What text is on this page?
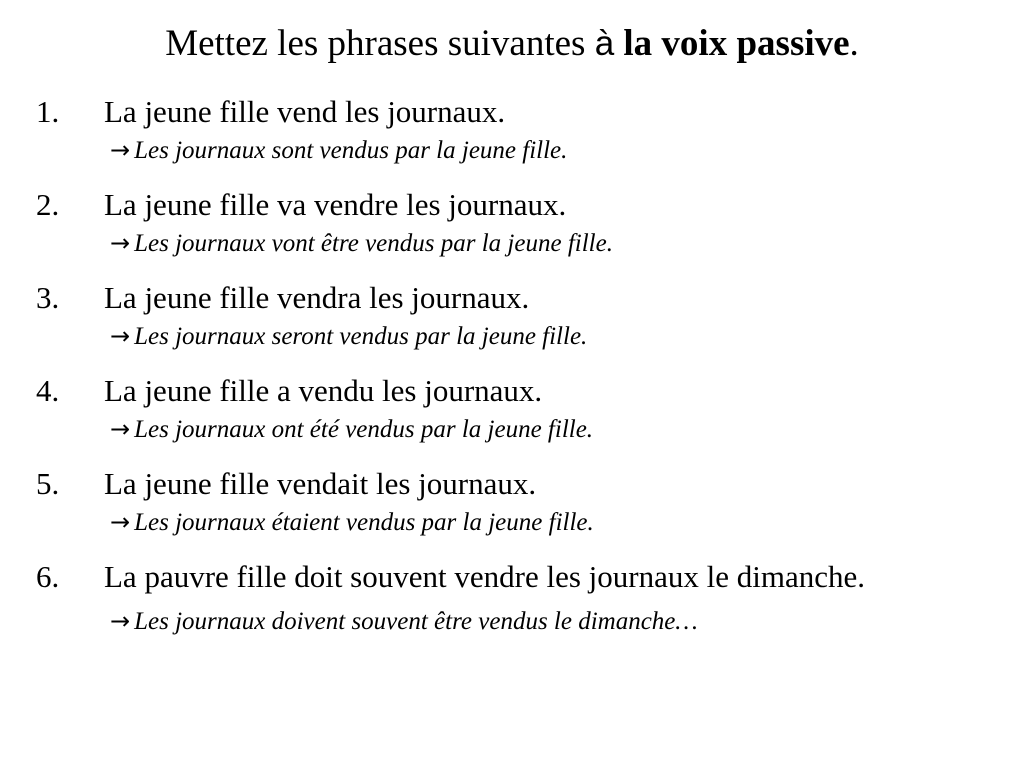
Mettez les phrases suivantes à la voix passive.
1. La jeune fille vend les journaux.
→ Les journaux sont vendus par la jeune fille.
2. La jeune fille va vendre les journaux.
→ Les journaux vont être vendus par la jeune fille.
3. La jeune fille vendra les journaux.
→ Les journaux seront vendus par la jeune fille.
4. La jeune fille a vendu les journaux.
→ Les journaux ont été vendus par la jeune fille.
5. La jeune fille vendait les journaux.
→ Les journaux étaient vendus par la jeune fille.
6. La pauvre fille doit souvent vendre les journaux le dimanche.
→ Les journaux doivent souvent être vendus le dimanche…
